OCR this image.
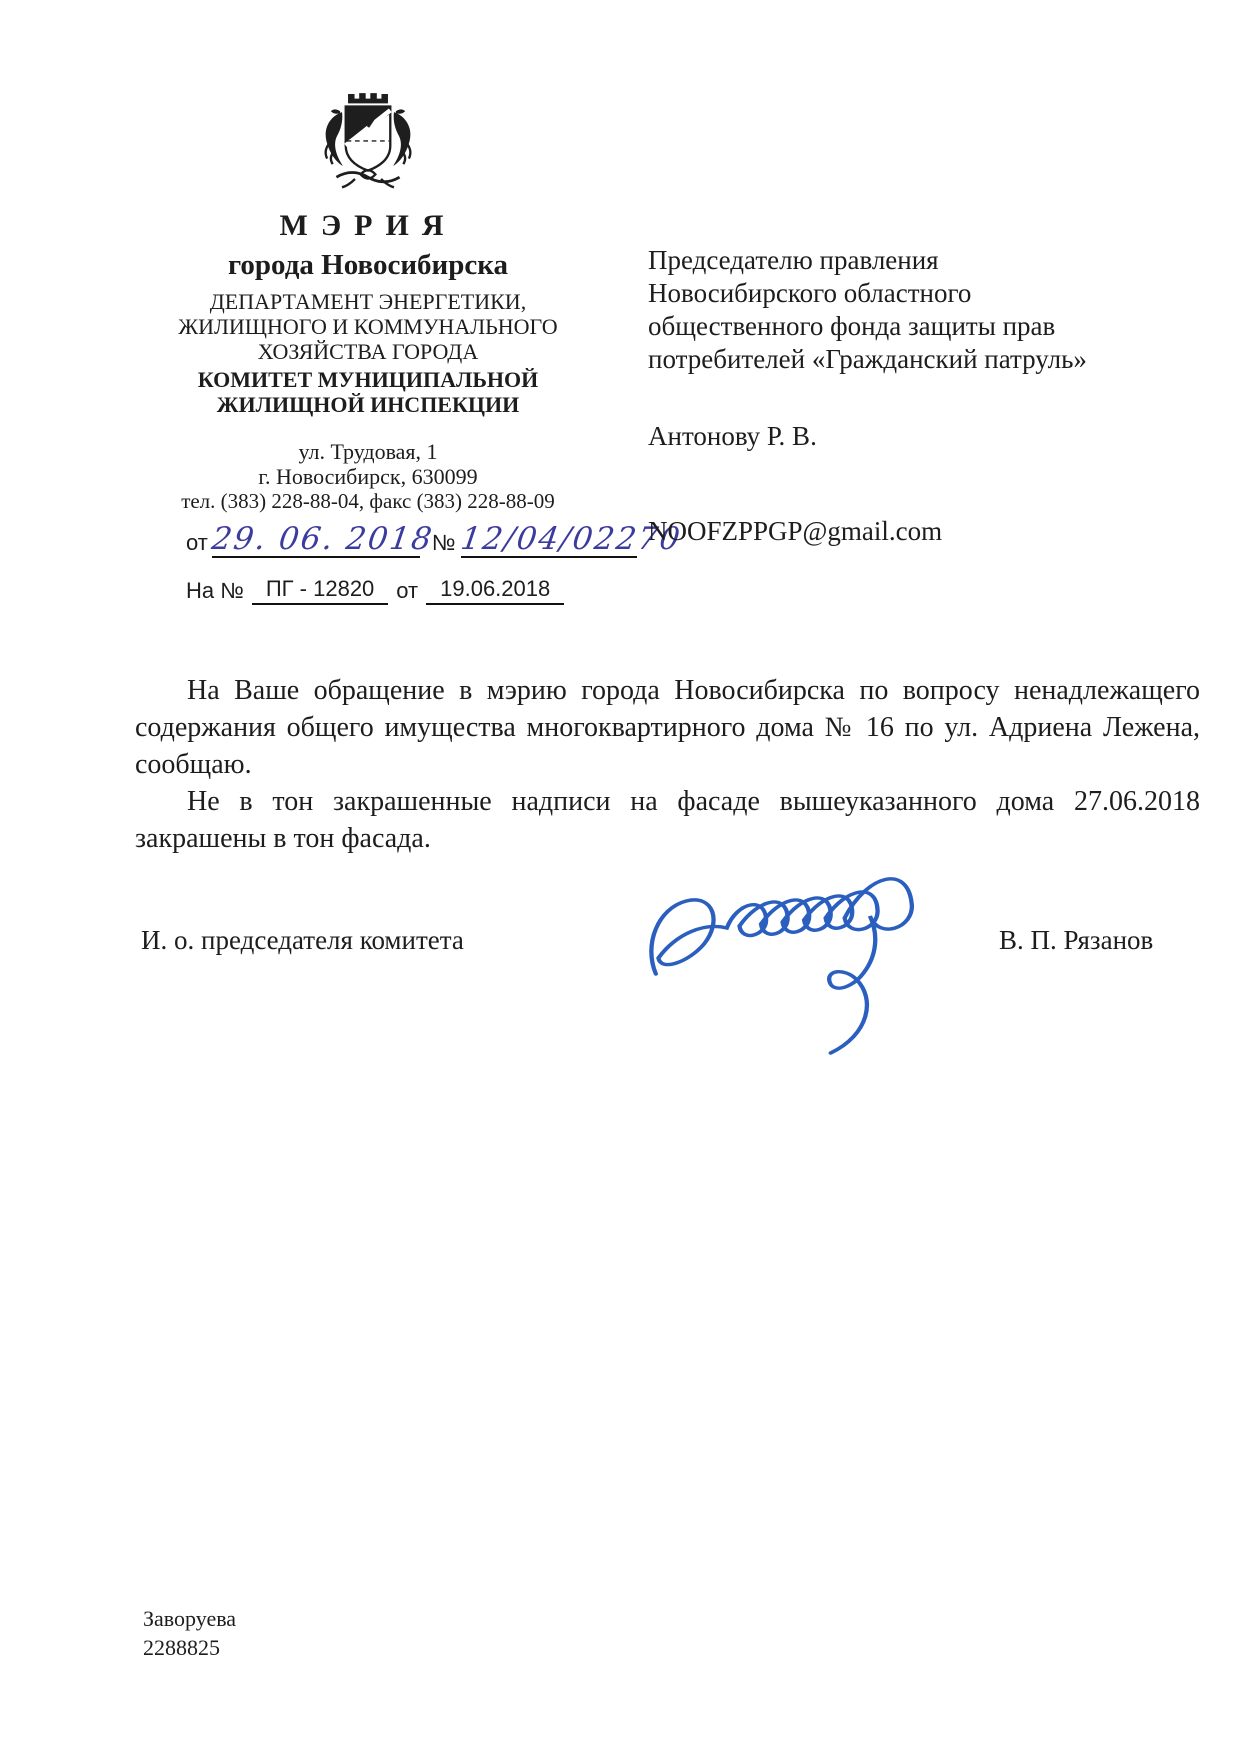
МЭРИЯ
города Новосибирска
ДЕПАРТАМЕНТ ЭНЕРГЕТИКИ,
ЖИЛИЩНОГО И КОММУНАЛЬНОГО
ХОЗЯЙСТВА ГОРОДА
КОМИТЕТ МУНИЦИПАЛЬНОЙ
ЖИЛИЩНОЙ ИНСПЕКЦИИ
ул. Трудовая, 1
г. Новосибирск, 630099
тел. (383) 228-88-04, факс (383) 228-88-09
от 29. 06. 2018
№ 12/04/02270
На №	ПГ - 12820	от	19.06.2018
Председателю правления
Новосибирского областного
общественного фонда защиты прав
потребителей «Гражданский патруль»
Антонову Р. В.
NOOFZPPGP@gmail.com

На Ваше обращение в мэрию города Новосибирска по вопросу ненадлежащего содержания общего имущества многоквартирного дома № 16 по ул. Адриена Лежена, сообщаю.

Не в тон закрашенные надписи на фасаде вышеуказанного дома 27.06.2018 закрашены в тон фасада.

И. о. председателя комитета	В. П. Рязанов
Заворуева
2288825
